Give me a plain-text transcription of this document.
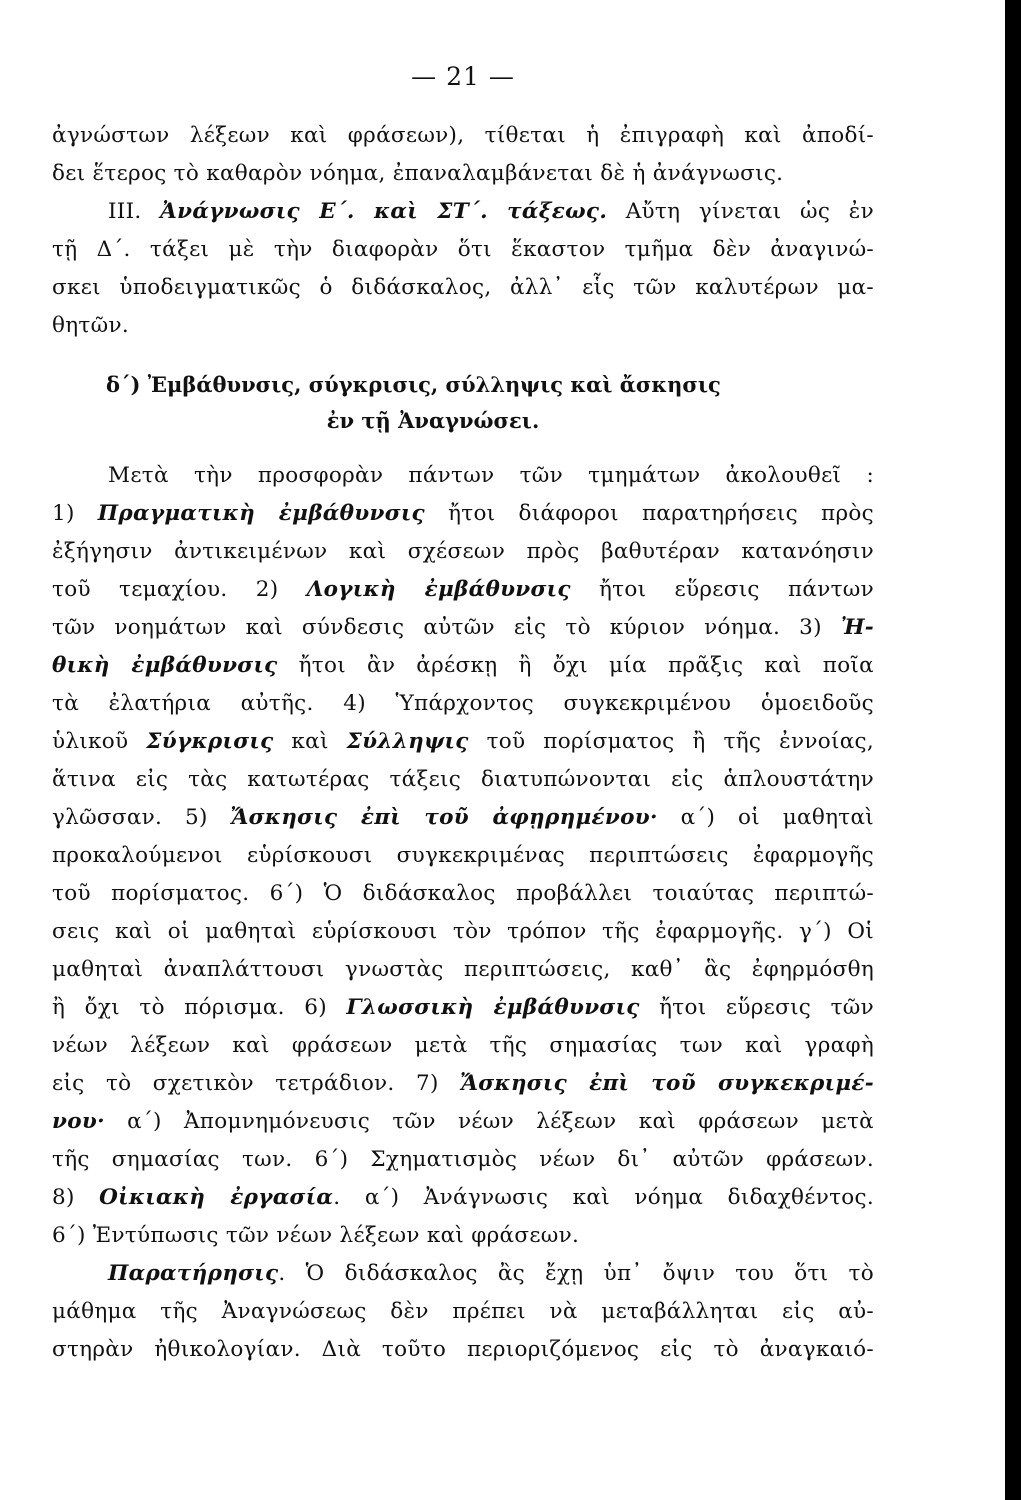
— 21 —
ἀγνώστων λέξεων καὶ φράσεων), τίθεται ἡ ἐπιγραφὴ καὶ ἀποδί-
δει ἕτερος τὸ καθαρὸν νόημα, ἐπαναλαμβάνεται δὲ ἡ ἀνάγνωσις.
III. Ἀνάγνωσις Ε΄. καὶ ΣΤ΄. τάξεως. Αὔτη γίνεται ὡς ἐν
τῇ Δ΄. τάξει μὲ τὴν διαφορὰν ὅτι ἕκαστον τμῆμα δὲν ἀναγινώ-
σκει ὑποδειγματικῶς ὁ διδάσκαλος, ἀλλ᾿ εἷς τῶν καλυτέρων μα-
θητῶν.
δ΄) Ἐμβάθυνσις, σύγκρισις, σύλληψις καὶ ἄσκησις
ἐν τῇ Ἀναγνώσει.
Μετὰ τὴν προσφορὰν πάντων τῶν τμημάτων ἀκολουθεῖ :
1) Πραγματικὴ ἐμβάθυνσις ἤτοι διάφοροι παρατηρήσεις πρὸς
ἐξήγησιν ἀντικειμένων καὶ σχέσεων πρὸς βαθυτέραν κατανόησιν
τοῦ τεμαχίου. 2) Λογικὴ ἐμβάθυνσις ἤτοι εὕρεσις πάντων
τῶν νοημάτων καὶ σύνδεσις αὐτῶν εἰς τὸ κύριον νόημα. 3) Ἠ-
θικὴ ἐμβάθυνσις ἤτοι ἂν ἀρέσκῃ ἢ ὄχι μία πρᾶξις καὶ ποῖα
τὰ ἐλατήρια αὐτῆς. 4) Ὑπάρχοντος συγκεκριμένου ὁμοειδοῦς
ὑλικοῦ Σύγκρισις καὶ Σύλληψις τοῦ πορίσματος ἢ τῆς ἐννοίας,
ἅτινα εἰς τὰς κατωτέρας τάξεις διατυπώνονται εἰς ἁπλουστάτην
γλῶσσαν. 5) Ἄσκησις ἐπὶ τοῦ ἀφῃρημένου· α΄) οἱ μαθηταὶ
προκαλούμενοι εὑρίσκουσι συγκεκριμένας περιπτώσεις ἐφαρμογῆς
τοῦ πορίσματος. 6΄) Ὁ διδάσκαλος προβάλλει τοιαύτας περιπτώ-
σεις καὶ οἱ μαθηταὶ εὑρίσκουσι τὸν τρόπον τῆς ἐφαρμογῆς. γ΄) Οἱ
μαθηταὶ ἀναπλάττουσι γνωστὰς περιπτώσεις, καθ᾿ ἃς ἐφηρμόσθη
ἢ ὄχι τὸ πόρισμα. 6) Γλωσσικὴ ἐμβάθυνσις ἤτοι εὕρεσις τῶν
νέων λέξεων καὶ φράσεων μετὰ τῆς σημασίας των καὶ γραφὴ
εἰς τὸ σχετικὸν τετράδιον. 7) Ἄσκησις ἐπὶ τοῦ συγκεκριμέ-
νου· α΄) Ἀπομνημόνευσις τῶν νέων λέξεων καὶ φράσεων μετὰ
τῆς σημασίας των. 6΄) Σχηματισμὸς νέων δι᾿ αὐτῶν φράσεων.
8) Οἰκιακὴ ἐργασία. α΄) Ἀνάγνωσις καὶ νόημα διδαχθέντος.
6΄) Ἐντύπωσις τῶν νέων λέξεων καὶ φράσεων.
Παρατήρησις. Ὁ διδάσκαλος ἂς ἔχῃ ὑπ᾿ ὄψιν του ὅτι τὸ
μάθημα τῆς Ἀναγνώσεως δὲν πρέπει νὰ μεταβάλληται εἰς αὐ-
στηρὰν ἠθικολογίαν. Διὰ τοῦτο περιοριζόμενος εἰς τὸ ἀναγκαιό-
